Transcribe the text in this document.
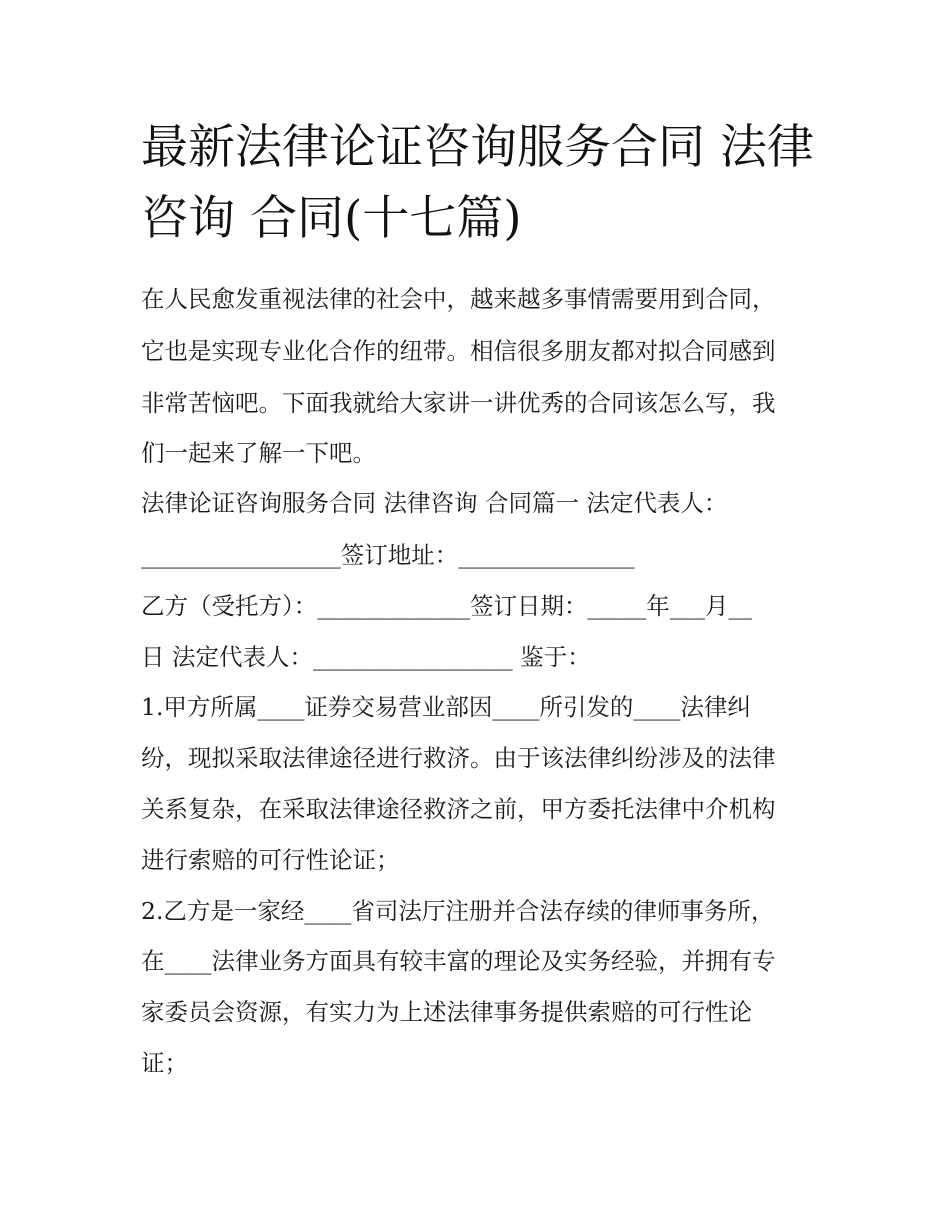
最新法律论证咨询服务合同 法律咨询 合同(十七篇)

在人民愈发重视法律的社会中，越来越多事情需要用到合同，

它也是实现专业化合作的纽带。相信很多朋友都对拟合同感到

非常苦恼吧。下面我就给大家讲一讲优秀的合同该怎么写，我

们一起来了解一下吧。

法律论证咨询服务合同 法律咨询 合同篇一 法定代表人：

_________________签订地址：_______________

乙方（受托方）：_____________签订日期：_____年___月__

日 法定代表人：_________________ 鉴于：

1.甲方所属____证券交易营业部因____所引发的____法律纠

纷，现拟采取法律途径进行救济。由于该法律纠纷涉及的法律

关系复杂，在采取法律途径救济之前，甲方委托法律中介机构

进行索赔的可行性论证；

2.乙方是一家经____省司法厅注册并合法存续的律师事务所，

在____法律业务方面具有较丰富的理论及实务经验，并拥有专

家委员会资源，有实力为上述法律事务提供索赔的可行性论

证；
